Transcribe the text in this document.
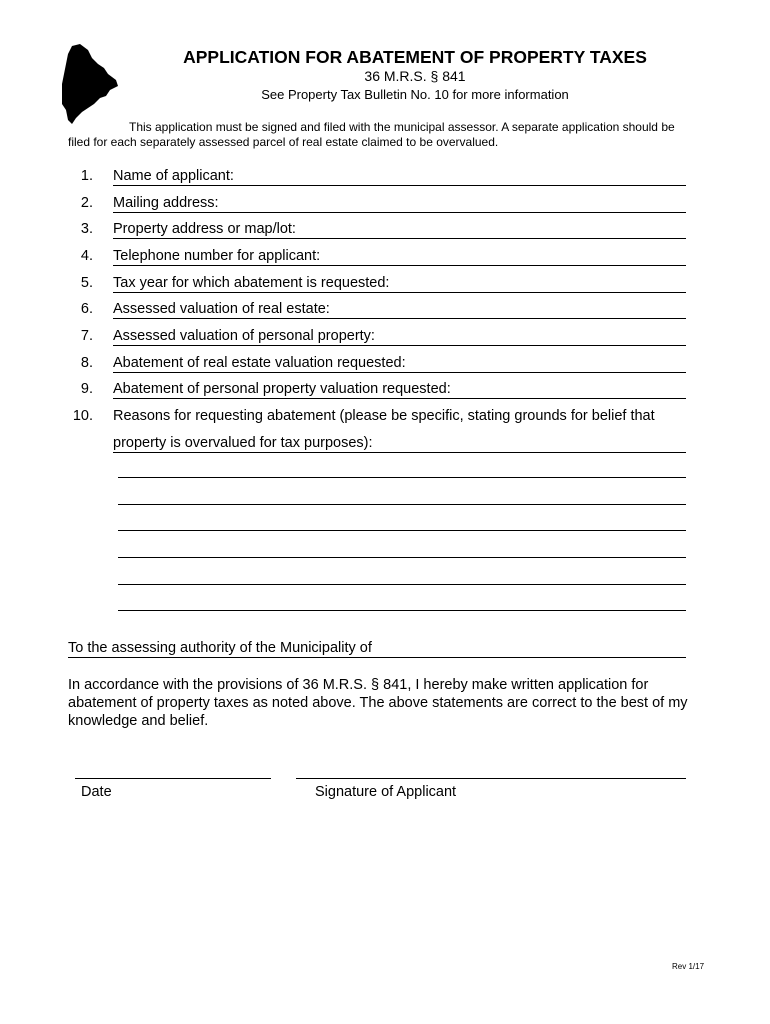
APPLICATION FOR ABATEMENT OF PROPERTY TAXES
36 M.R.S. § 841
See Property Tax Bulletin No. 10 for more information
This application must be signed and filed with the municipal assessor. A separate application should be filed for each separately assessed parcel of real estate claimed to be overvalued.
1. Name of applicant:
2. Mailing address:
3. Property address or map/lot:
4. Telephone number for applicant:
5. Tax year for which abatement is requested:
6. Assessed valuation of real estate:
7. Assessed valuation of personal property:
8. Abatement of real estate valuation requested:
9. Abatement of personal property valuation requested:
10. Reasons for requesting abatement (please be specific, stating grounds for belief that
property is overvalued for tax purposes):
To the assessing authority of the Municipality of
In accordance with the provisions of 36 M.R.S. § 841, I hereby make written application for abatement of property taxes as noted above. The above statements are correct to the best of my knowledge and belief.
Date	Signature of Applicant
Rev 1/17
